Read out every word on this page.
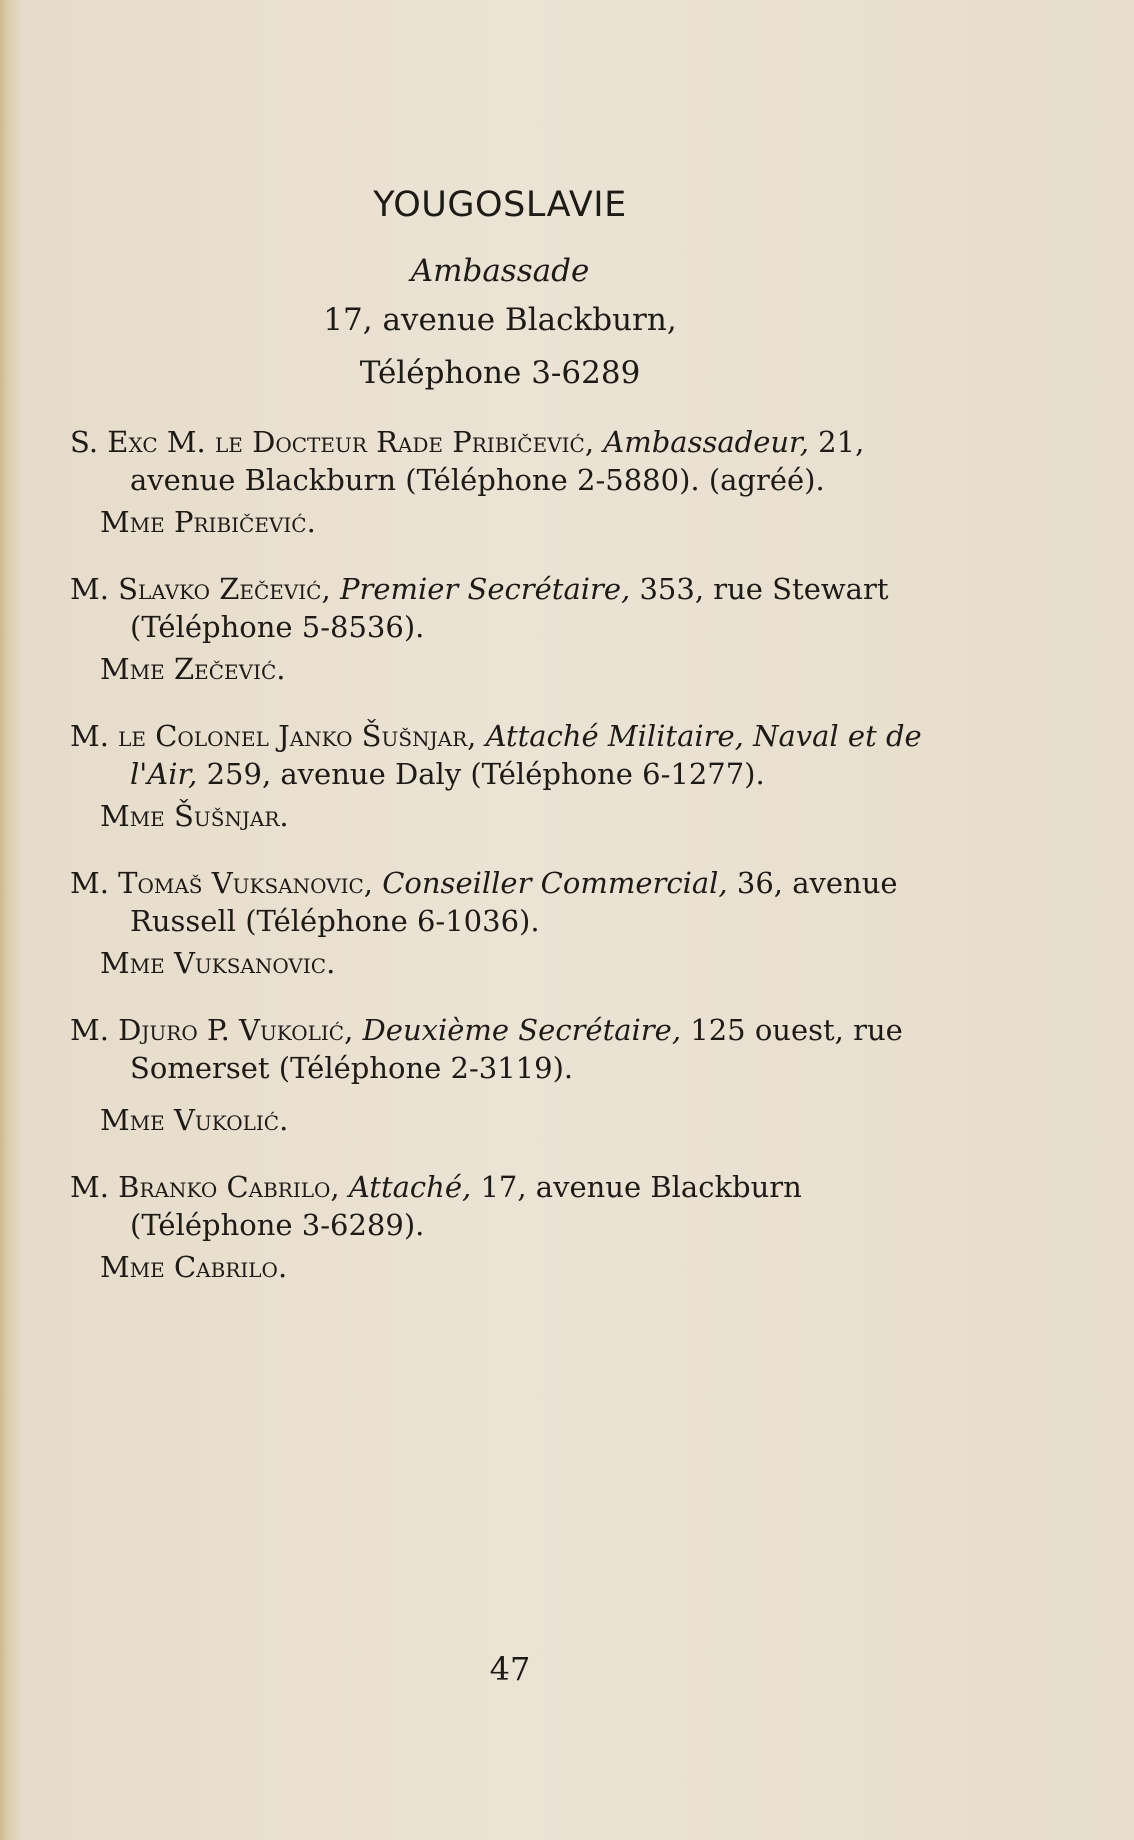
YOUGOSLAVIE
Ambassade
17, avenue Blackburn,
Téléphone 3-6289

S. Exc M. le Docteur Rade Pribičević, Ambassadeur, 21, avenue Blackburn (Téléphone 2-5880). (agréé).

Mme Pribičević.

M. Slavko Zečević, Premier Secrétaire, 353, rue Stewart (Téléphone 5-8536).

Mme Zečević.

M. le Colonel Janko Šušnjar, Attaché Militaire, Naval et de l'Air, 259, avenue Daly (Téléphone 6-1277).

Mme Šušnjar.

M. Tomaš Vuksanovic, Conseiller Commercial, 36, avenue Russell (Téléphone 6-1036).

Mme Vuksanovic.

M. Djuro P. Vukolić, Deuxième Secrétaire, 125 ouest, rue Somerset (Téléphone 2-3119).

Mme Vukolić.

M. Branko Cabrilo, Attaché, 17, avenue Blackburn (Téléphone 3-6289).

Mme Cabrilo.

47
